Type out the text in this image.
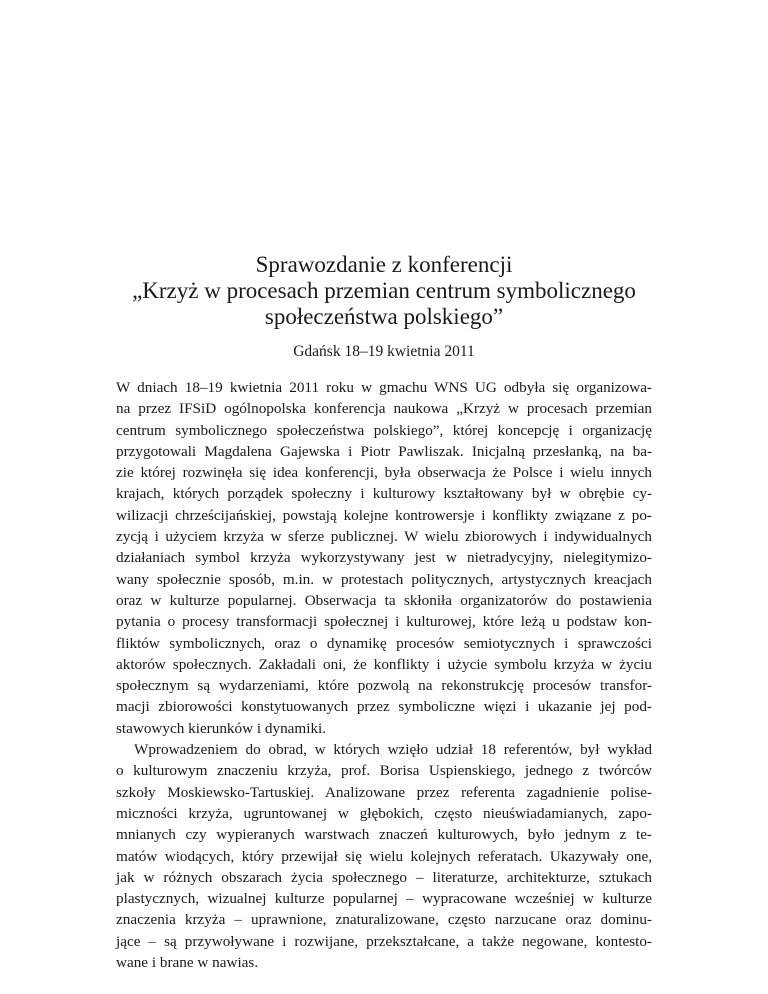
Sprawozdanie z konferencji
„Krzyż w procesach przemian centrum symbolicznego
społeczeństwa polskiego”
Gdańsk 18–19 kwietnia 2011
W dniach 18–19 kwietnia 2011 roku w gmachu WNS UG odbyła się organizowa-
na przez IFSiD ogólnopolska konferencja naukowa „Krzyż w procesach przemian
centrum symbolicznego społeczeństwa polskiego”, której koncepcję i organizację
przygotowali Magdalena Gajewska i Piotr Pawliszak. Inicjalną przesłanką, na ba-
zie której rozwinęła się idea konferencji, była obserwacja że Polsce i wielu innych
krajach, których porządek społeczny i kulturowy kształtowany był w obrębie cy-
wilizacji chrześcijańskiej, powstają kolejne kontrowersje i konflikty związane z po-
zycją i użyciem krzyża w sferze publicznej. W wielu zbiorowych i indywidualnych
działaniach symbol krzyża wykorzystywany jest w nietradycyjny, nielegitymizo-
wany społecznie sposób, m.in. w protestach politycznych, artystycznych kreacjach
oraz w kulturze popularnej. Obserwacja ta skłoniła organizatorów do postawienia
pytania o procesy transformacji społecznej i kulturowej, które leżą u podstaw kon-
fliktów symbolicznych, oraz o dynamikę procesów semiotycznych i sprawczości
aktorów społecznych. Zakładali oni, że konflikty i użycie symbolu krzyża w życiu
społecznym są wydarzeniami, które pozwolą na rekonstrukcję procesów transfor-
macji zbiorowości konstytuowanych przez symboliczne więzi i ukazanie jej pod-
stawowych kierunków i dynamiki.
Wprowadzeniem do obrad, w których wzięło udział 18 referentów, był wykład
o kulturowym znaczeniu krzyża, prof. Borisa Uspienskiego, jednego z twórców
szkoły Moskiewsko-Tartuskiej. Analizowane przez referenta zagadnienie polise-
miczności krzyża, ugruntowanej w głębokich, często nieuświadamianych, zapo-
mnianych czy wypieranych warstwach znaczeń kulturowych, było jednym z te-
matów wiodących, który przewijał się wielu kolejnych referatach. Ukazywały one,
jak w różnych obszarach życia społecznego – literaturze, architekturze, sztukach
plastycznych, wizualnej kulturze popularnej – wypracowane wcześniej w kulturze
znaczenia krzyża – uprawnione, znaturalizowane, często narzucane oraz dominu-
jące – są przywoływane i rozwijane, przekształcane, a także negowane, kontesto-
wane i brane w nawias.
